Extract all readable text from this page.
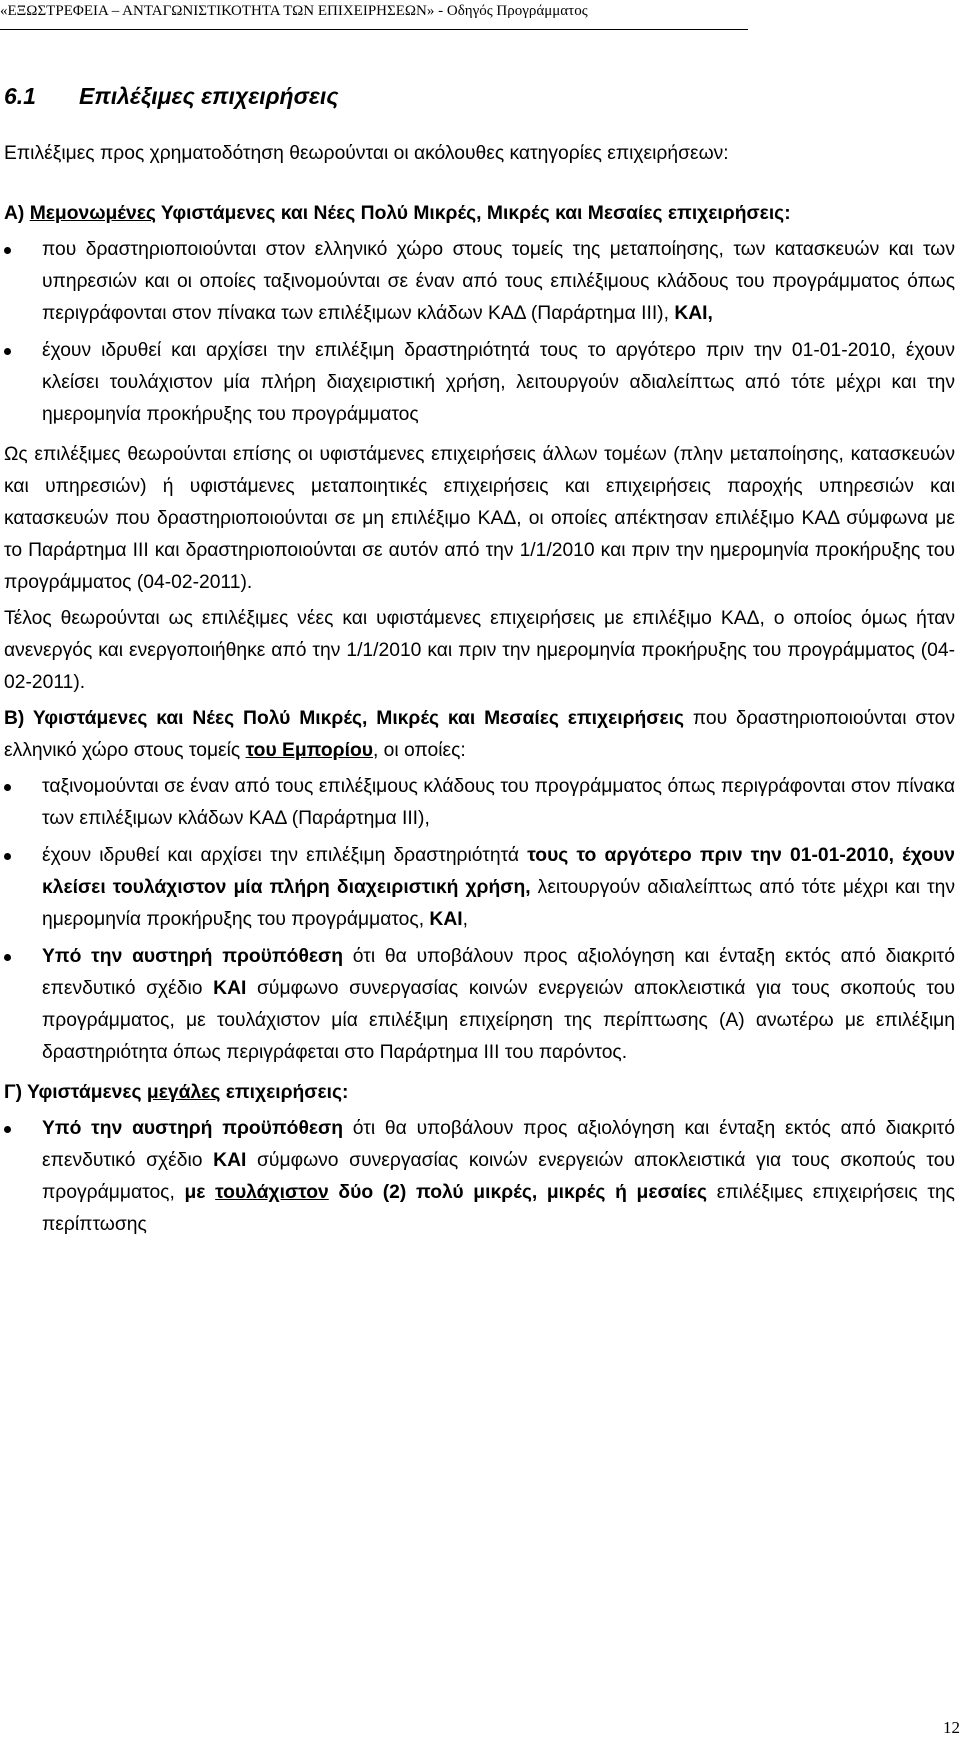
«ΕΞΩΣΤΡΕΦΕΙΑ – ΑΝΤΑΓΩΝΙΣΤΙΚΟΤΗΤΑ ΤΩΝ ΕΠΙΧΕΙΡΗΣΕΩΝ» - Οδηγός Προγράμματος
6.1 Επιλέξιμες επιχειρήσεις

Επιλέξιμες προς χρηματοδότηση θεωρούνται οι ακόλουθες κατηγορίες επιχειρήσεων:

Α) Μεμονωμένες Υφιστάμενες και Νέες Πολύ Μικρές, Μικρές και Μεσαίες επιχειρήσεις:

που δραστηριοποιούνται στον ελληνικό χώρο στους τομείς της μεταποίησης, των κατασκευών και των υπηρεσιών και οι οποίες ταξινομούνται σε έναν από τους επιλέξιμους κλάδους του προγράμματος όπως περιγράφονται στον πίνακα των επιλέξιμων κλάδων ΚΑΔ (Παράρτημα ΙΙΙ), ΚΑΙ,
έχουν ιδρυθεί και αρχίσει την επιλέξιμη δραστηριότητά τους το αργότερο πριν την 01-01-2010, έχουν κλείσει τουλάχιστον μία πλήρη διαχειριστική χρήση, λειτουργούν αδιαλείπτως από τότε μέχρι και την ημερομηνία προκήρυξης του προγράμματος

Ως επιλέξιμες θεωρούνται επίσης οι υφιστάμενες επιχειρήσεις άλλων τομέων (πλην μεταποίησης, κατασκευών και υπηρεσιών) ή υφιστάμενες μεταποιητικές επιχειρήσεις και επιχειρήσεις παροχής υπηρεσιών και κατασκευών που δραστηριοποιούνται σε μη επιλέξιμο ΚΑΔ, οι οποίες απέκτησαν επιλέξιμο ΚΑΔ σύμφωνα με το Παράρτημα ΙΙΙ και δραστηριοποιούνται σε αυτόν από την 1/1/2010 και πριν την ημερομηνία προκήρυξης του προγράμματος (04-02-2011).

Τέλος θεωρούνται ως επιλέξιμες νέες και υφιστάμενες επιχειρήσεις με επιλέξιμο ΚΑΔ, ο οποίος όμως ήταν ανενεργός και ενεργοποιήθηκε από την 1/1/2010 και πριν την ημερομηνία προκήρυξης του προγράμματος (04-02-2011).

Β) Υφιστάμενες και Νέες Πολύ Μικρές, Μικρές και Μεσαίες επιχειρήσεις που δραστηριοποιούνται στον ελληνικό χώρο στους τομείς του Εμπορίου, οι οποίες:

ταξινομούνται σε έναν από τους επιλέξιμους κλάδους του προγράμματος όπως περιγράφονται στον πίνακα των επιλέξιμων κλάδων ΚΑΔ (Παράρτημα ΙΙΙ),
έχουν ιδρυθεί και αρχίσει την επιλέξιμη δραστηριότητά τους το αργότερο πριν την 01-01-2010, έχουν κλείσει τουλάχιστον μία πλήρη διαχειριστική χρήση, λειτουργούν αδιαλείπτως από τότε μέχρι και την ημερομηνία προκήρυξης του προγράμματος, ΚΑΙ,
Υπό την αυστηρή προϋπόθεση ότι θα υποβάλουν προς αξιολόγηση και ένταξη εκτός από διακριτό επενδυτικό σχέδιο ΚΑΙ σύμφωνο συνεργασίας κοινών ενεργειών αποκλειστικά για τους σκοπούς του προγράμματος, με τουλάχιστον μία επιλέξιμη επιχείρηση της περίπτωσης (Α) ανωτέρω με επιλέξιμη δραστηριότητα όπως περιγράφεται στο Παράρτημα ΙΙΙ του παρόντος.

Γ) Υφιστάμενες μεγάλες επιχειρήσεις:

Υπό την αυστηρή προϋπόθεση ότι θα υποβάλουν προς αξιολόγηση και ένταξη εκτός από διακριτό επενδυτικό σχέδιο ΚΑΙ σύμφωνο συνεργασίας κοινών ενεργειών αποκλειστικά για τους σκοπούς του προγράμματος, με τουλάχιστον δύο (2) πολύ μικρές, μικρές ή μεσαίες επιλέξιμες επιχειρήσεις της περίπτωσης
12
